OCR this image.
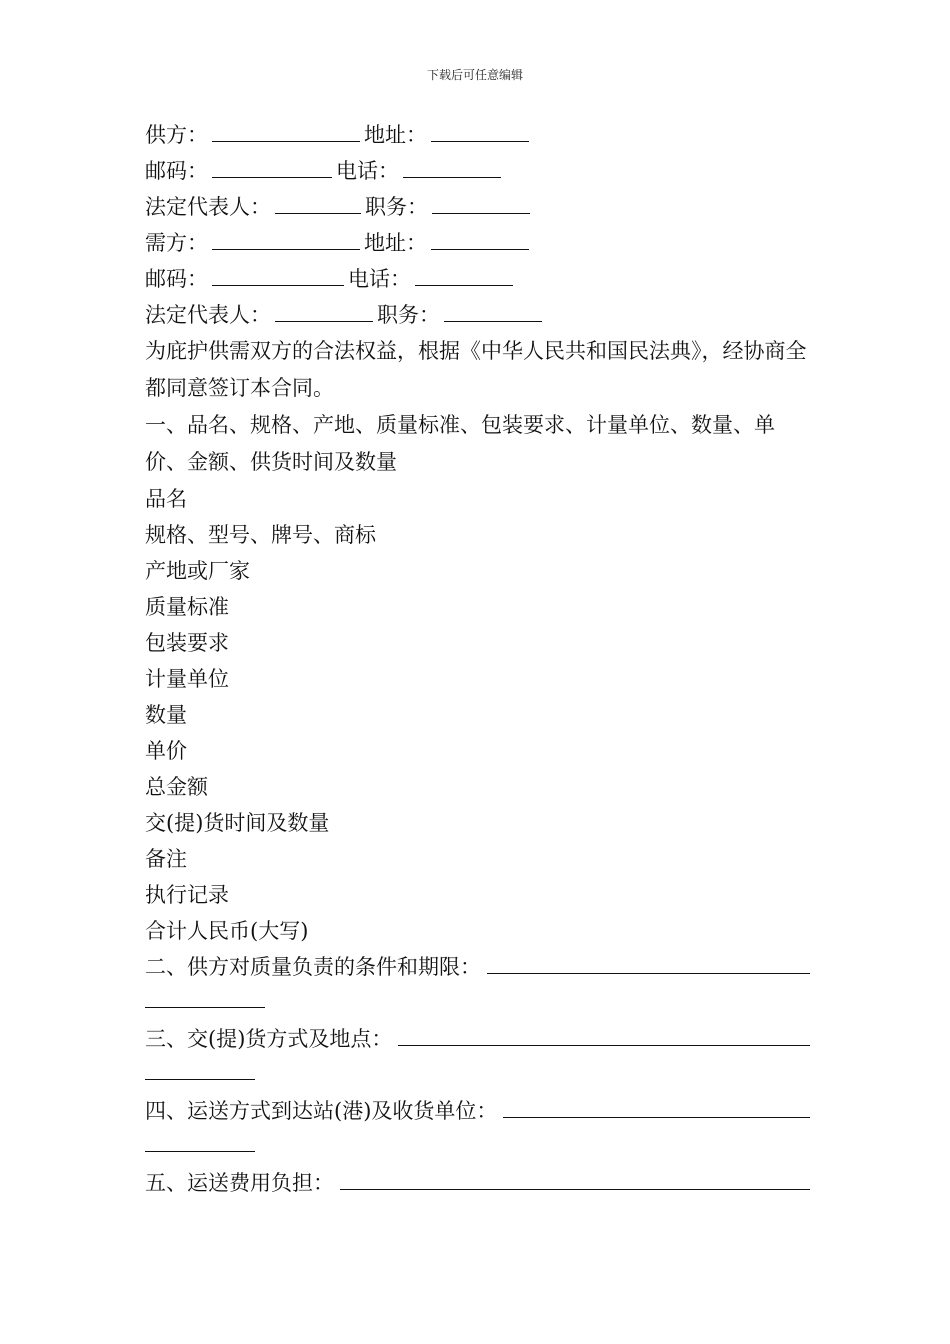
下载后可任意编辑
供方：	地址：
邮码：	电话：
法定代表人：	职务：
需方：	地址：
邮码：	电话：
法定代表人：	职务：
为庇护供需双方的合法权益，根据《中华人民共和国民法典》，经协商全都同意签订本合同。
一、品名、规格、产地、质量标准、包装要求、计量单位、数量、单价、金额、供货时间及数量
品名
规格、型号、牌号、商标
产地或厂家
质量标准
包装要求
计量单位
数量
单价
总金额
交(提)货时间及数量
备注
执行记录
合计人民币(大写)
二、供方对质量负责的条件和期限：
三、交(提)货方式及地点：
四、运送方式到达站(港)及收货单位：
五、运送费用负担：
